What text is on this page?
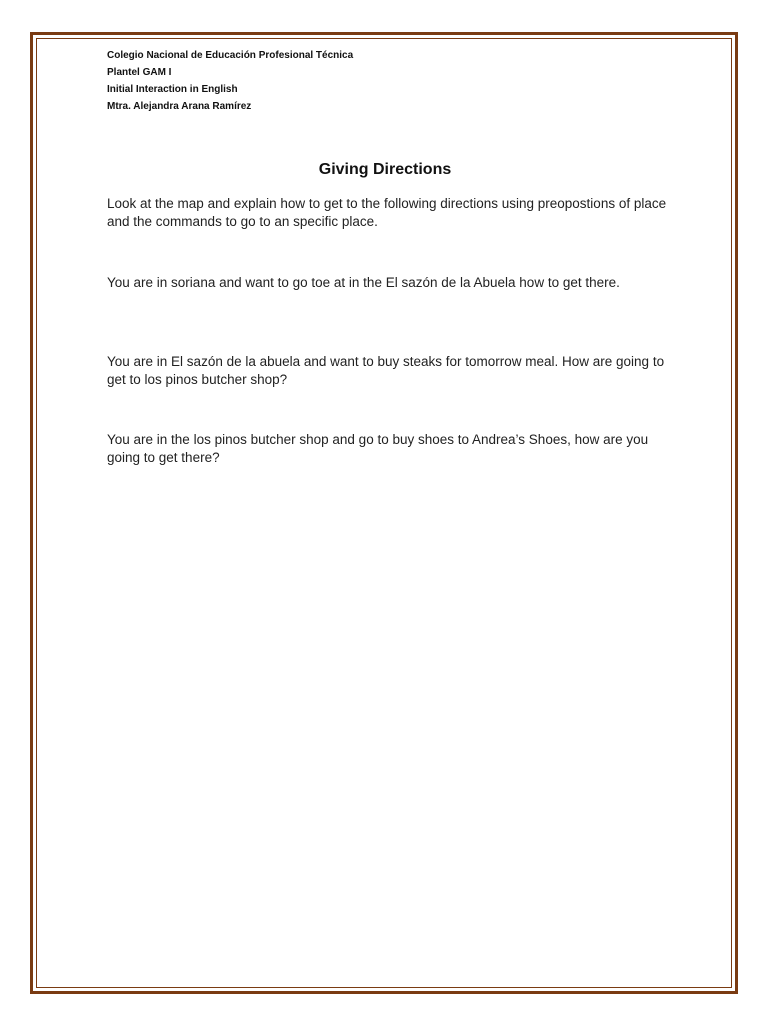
Colegio Nacional de Educación Profesional Técnica
Plantel GAM I
Initial Interaction in English
Mtra. Alejandra Arana Ramírez
Giving Directions
Look at the map and explain how to get to the following directions using preopostions of place and the commands to go to an specific place.
You are in soriana and want to go toe at in the El sazón de la Abuela how to get there.
You are in El sazón de la abuela and want to buy steaks for tomorrow meal. How are going to get to los pinos butcher shop?
You are in the los pinos butcher shop and go to buy shoes to Andrea’s Shoes, how are you going to get there?
